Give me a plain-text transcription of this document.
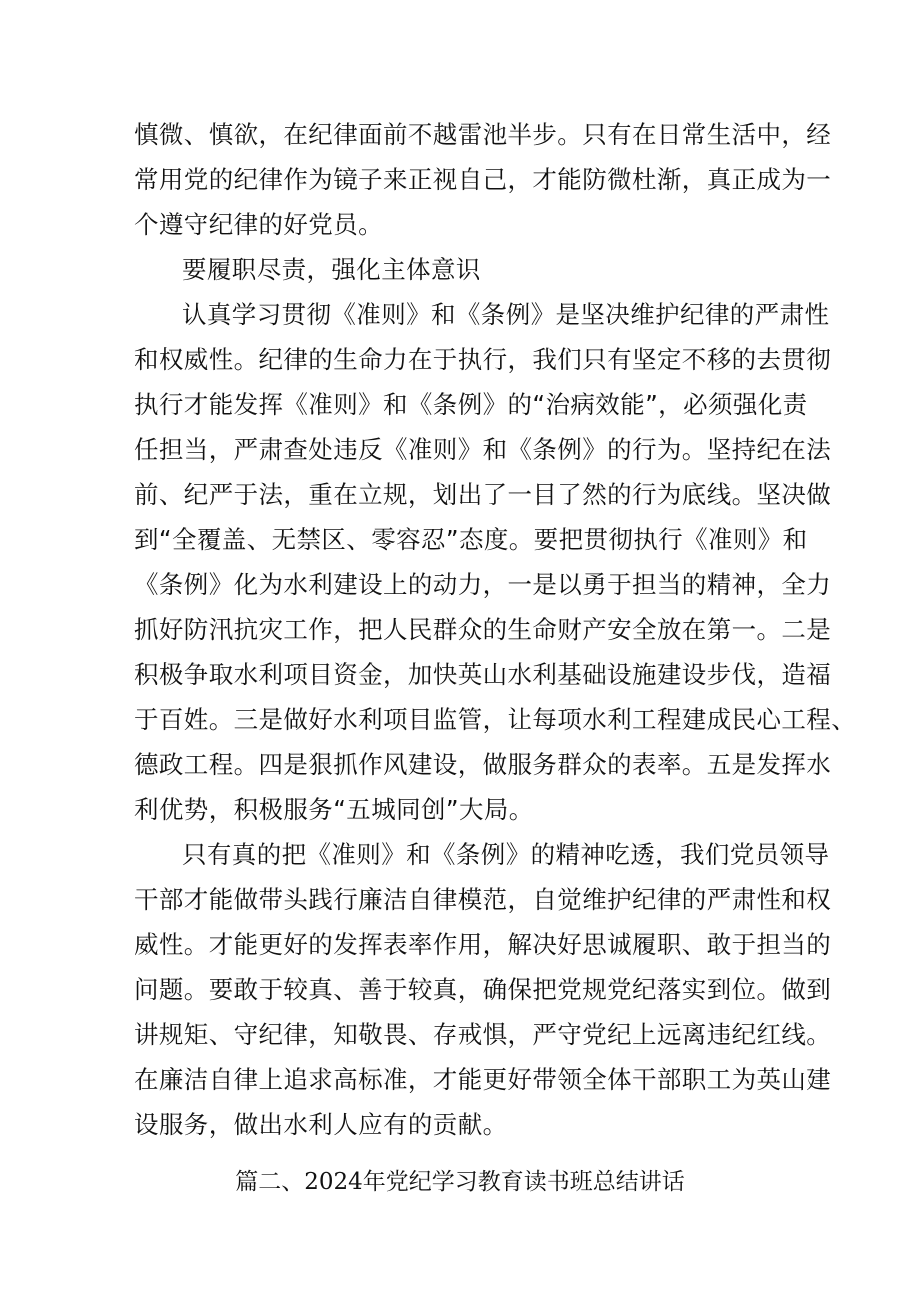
慎微、慎欲，在纪律面前不越雷池半步。只有在日常生活中，经
常用党的纪律作为镜子来正视自己，才能防微杜渐，真正成为一
个遵守纪律的好党员。
要履职尽责，强化主体意识
认真学习贯彻《准则》和《条例》是坚决维护纪律的严肃性
和权威性。纪律的生命力在于执行，我们只有坚定不移的去贯彻
执行才能发挥《准则》和《条例》的“治病效能”，必须强化责
任担当，严肃查处违反《准则》和《条例》的行为。坚持纪在法
前、纪严于法，重在立规，划出了一目了然的行为底线。坚决做
到“全覆盖、无禁区、零容忍”态度。要把贯彻执行《准则》和
《条例》化为水利建设上的动力，一是以勇于担当的精神，全力
抓好防汛抗灾工作，把人民群众的生命财产安全放在第一。二是
积极争取水利项目资金，加快英山水利基础设施建设步伐，造福
于百姓。三是做好水利项目监管，让每项水利工程建成民心工程、
德政工程。四是狠抓作风建设，做服务群众的表率。五是发挥水
利优势，积极服务“五城同创”大局。
只有真的把《准则》和《条例》的精神吃透，我们党员领导
干部才能做带头践行廉洁自律模范，自觉维护纪律的严肃性和权
威性。才能更好的发挥表率作用，解决好思诚履职、敢于担当的
问题。要敢于较真、善于较真，确保把党规党纪落实到位。做到
讲规矩、守纪律，知敬畏、存戒惧，严守党纪上远离违纪红线。
在廉洁自律上追求高标准，才能更好带领全体干部职工为英山建
设服务，做出水利人应有的贡献。
篇二、2024年党纪学习教育读书班总结讲话
